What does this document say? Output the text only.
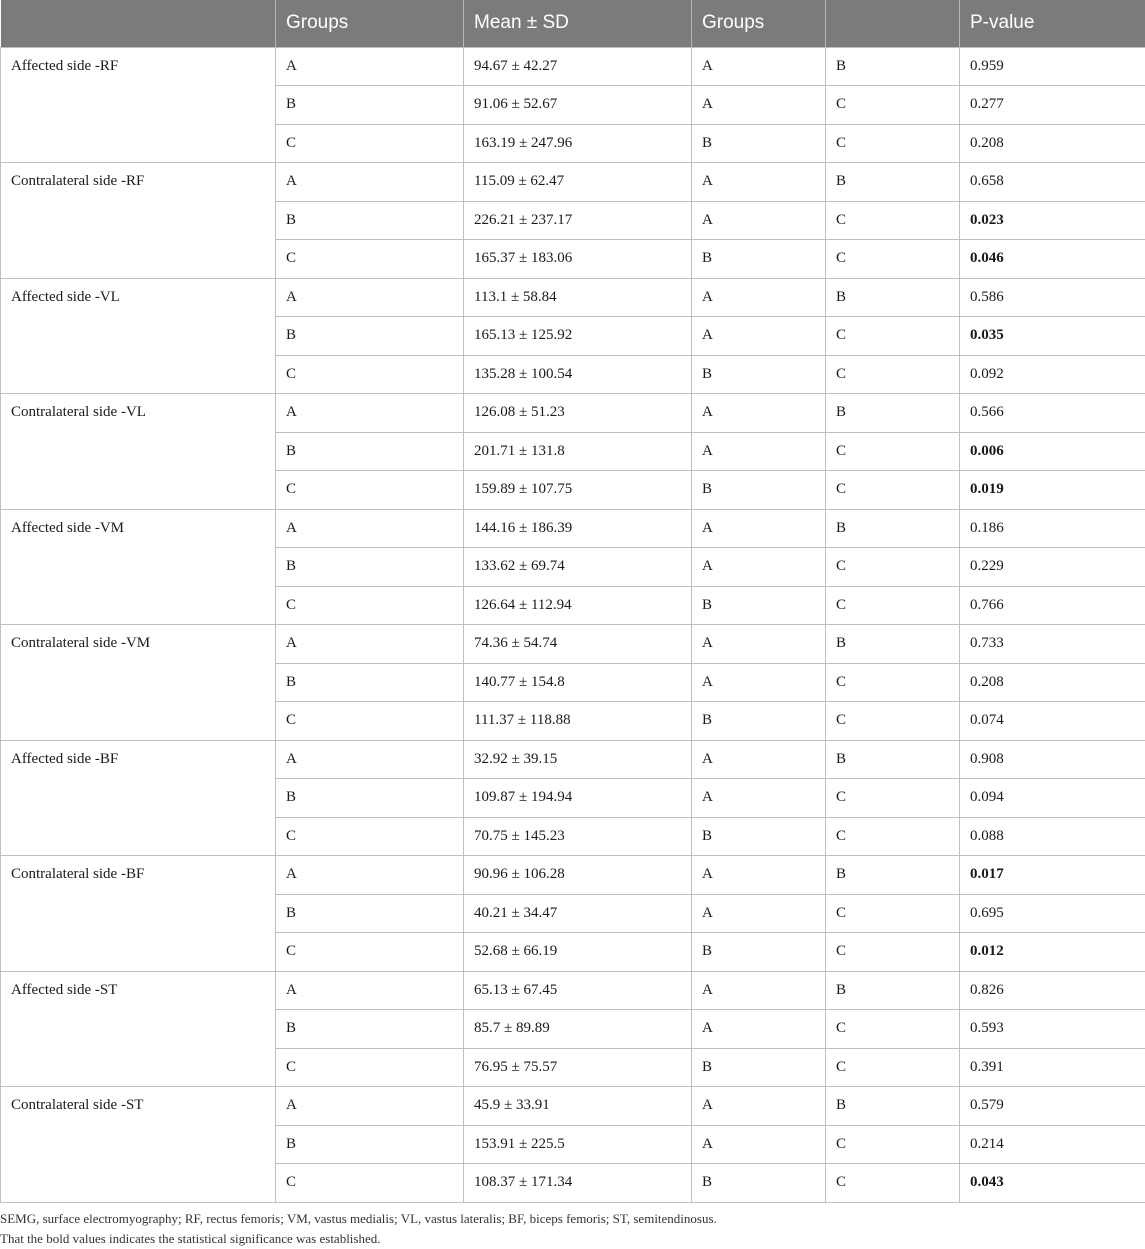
	Groups	Mean ± SD	Groups		P-value
Affected side -RF	A	94.67 ± 42.27	A	B	0.959
	B	91.06 ± 52.67	A	C	0.277
	C	163.19 ± 247.96	B	C	0.208
Contralateral side -RF	A	115.09 ± 62.47	A	B	0.658
	B	226.21 ± 237.17	A	C	0.023
	C	165.37 ± 183.06	B	C	0.046
Affected side -VL	A	113.1 ± 58.84	A	B	0.586
	B	165.13 ± 125.92	A	C	0.035
	C	135.28 ± 100.54	B	C	0.092
Contralateral side -VL	A	126.08 ± 51.23	A	B	0.566
	B	201.71 ± 131.8	A	C	0.006
	C	159.89 ± 107.75	B	C	0.019
Affected side -VM	A	144.16 ± 186.39	A	B	0.186
	B	133.62 ± 69.74	A	C	0.229
	C	126.64 ± 112.94	B	C	0.766
Contralateral side -VM	A	74.36 ± 54.74	A	B	0.733
	B	140.77 ± 154.8	A	C	0.208
	C	111.37 ± 118.88	B	C	0.074
Affected side -BF	A	32.92 ± 39.15	A	B	0.908
	B	109.87 ± 194.94	A	C	0.094
	C	70.75 ± 145.23	B	C	0.088
Contralateral side -BF	A	90.96 ± 106.28	A	B	0.017
	B	40.21 ± 34.47	A	C	0.695
	C	52.68 ± 66.19	B	C	0.012
Affected side -ST	A	65.13 ± 67.45	A	B	0.826
	B	85.7 ± 89.89	A	C	0.593
	C	76.95 ± 75.57	B	C	0.391
Contralateral side -ST	A	45.9 ± 33.91	A	B	0.579
	B	153.91 ± 225.5	A	C	0.214
	C	108.37 ± 171.34	B	C	0.043
SEMG, surface electromyography; RF, rectus femoris; VM, vastus medialis; VL, vastus lateralis; BF, biceps femoris; ST, semitendinosus.
That the bold values indicates the statistical significance was established.
